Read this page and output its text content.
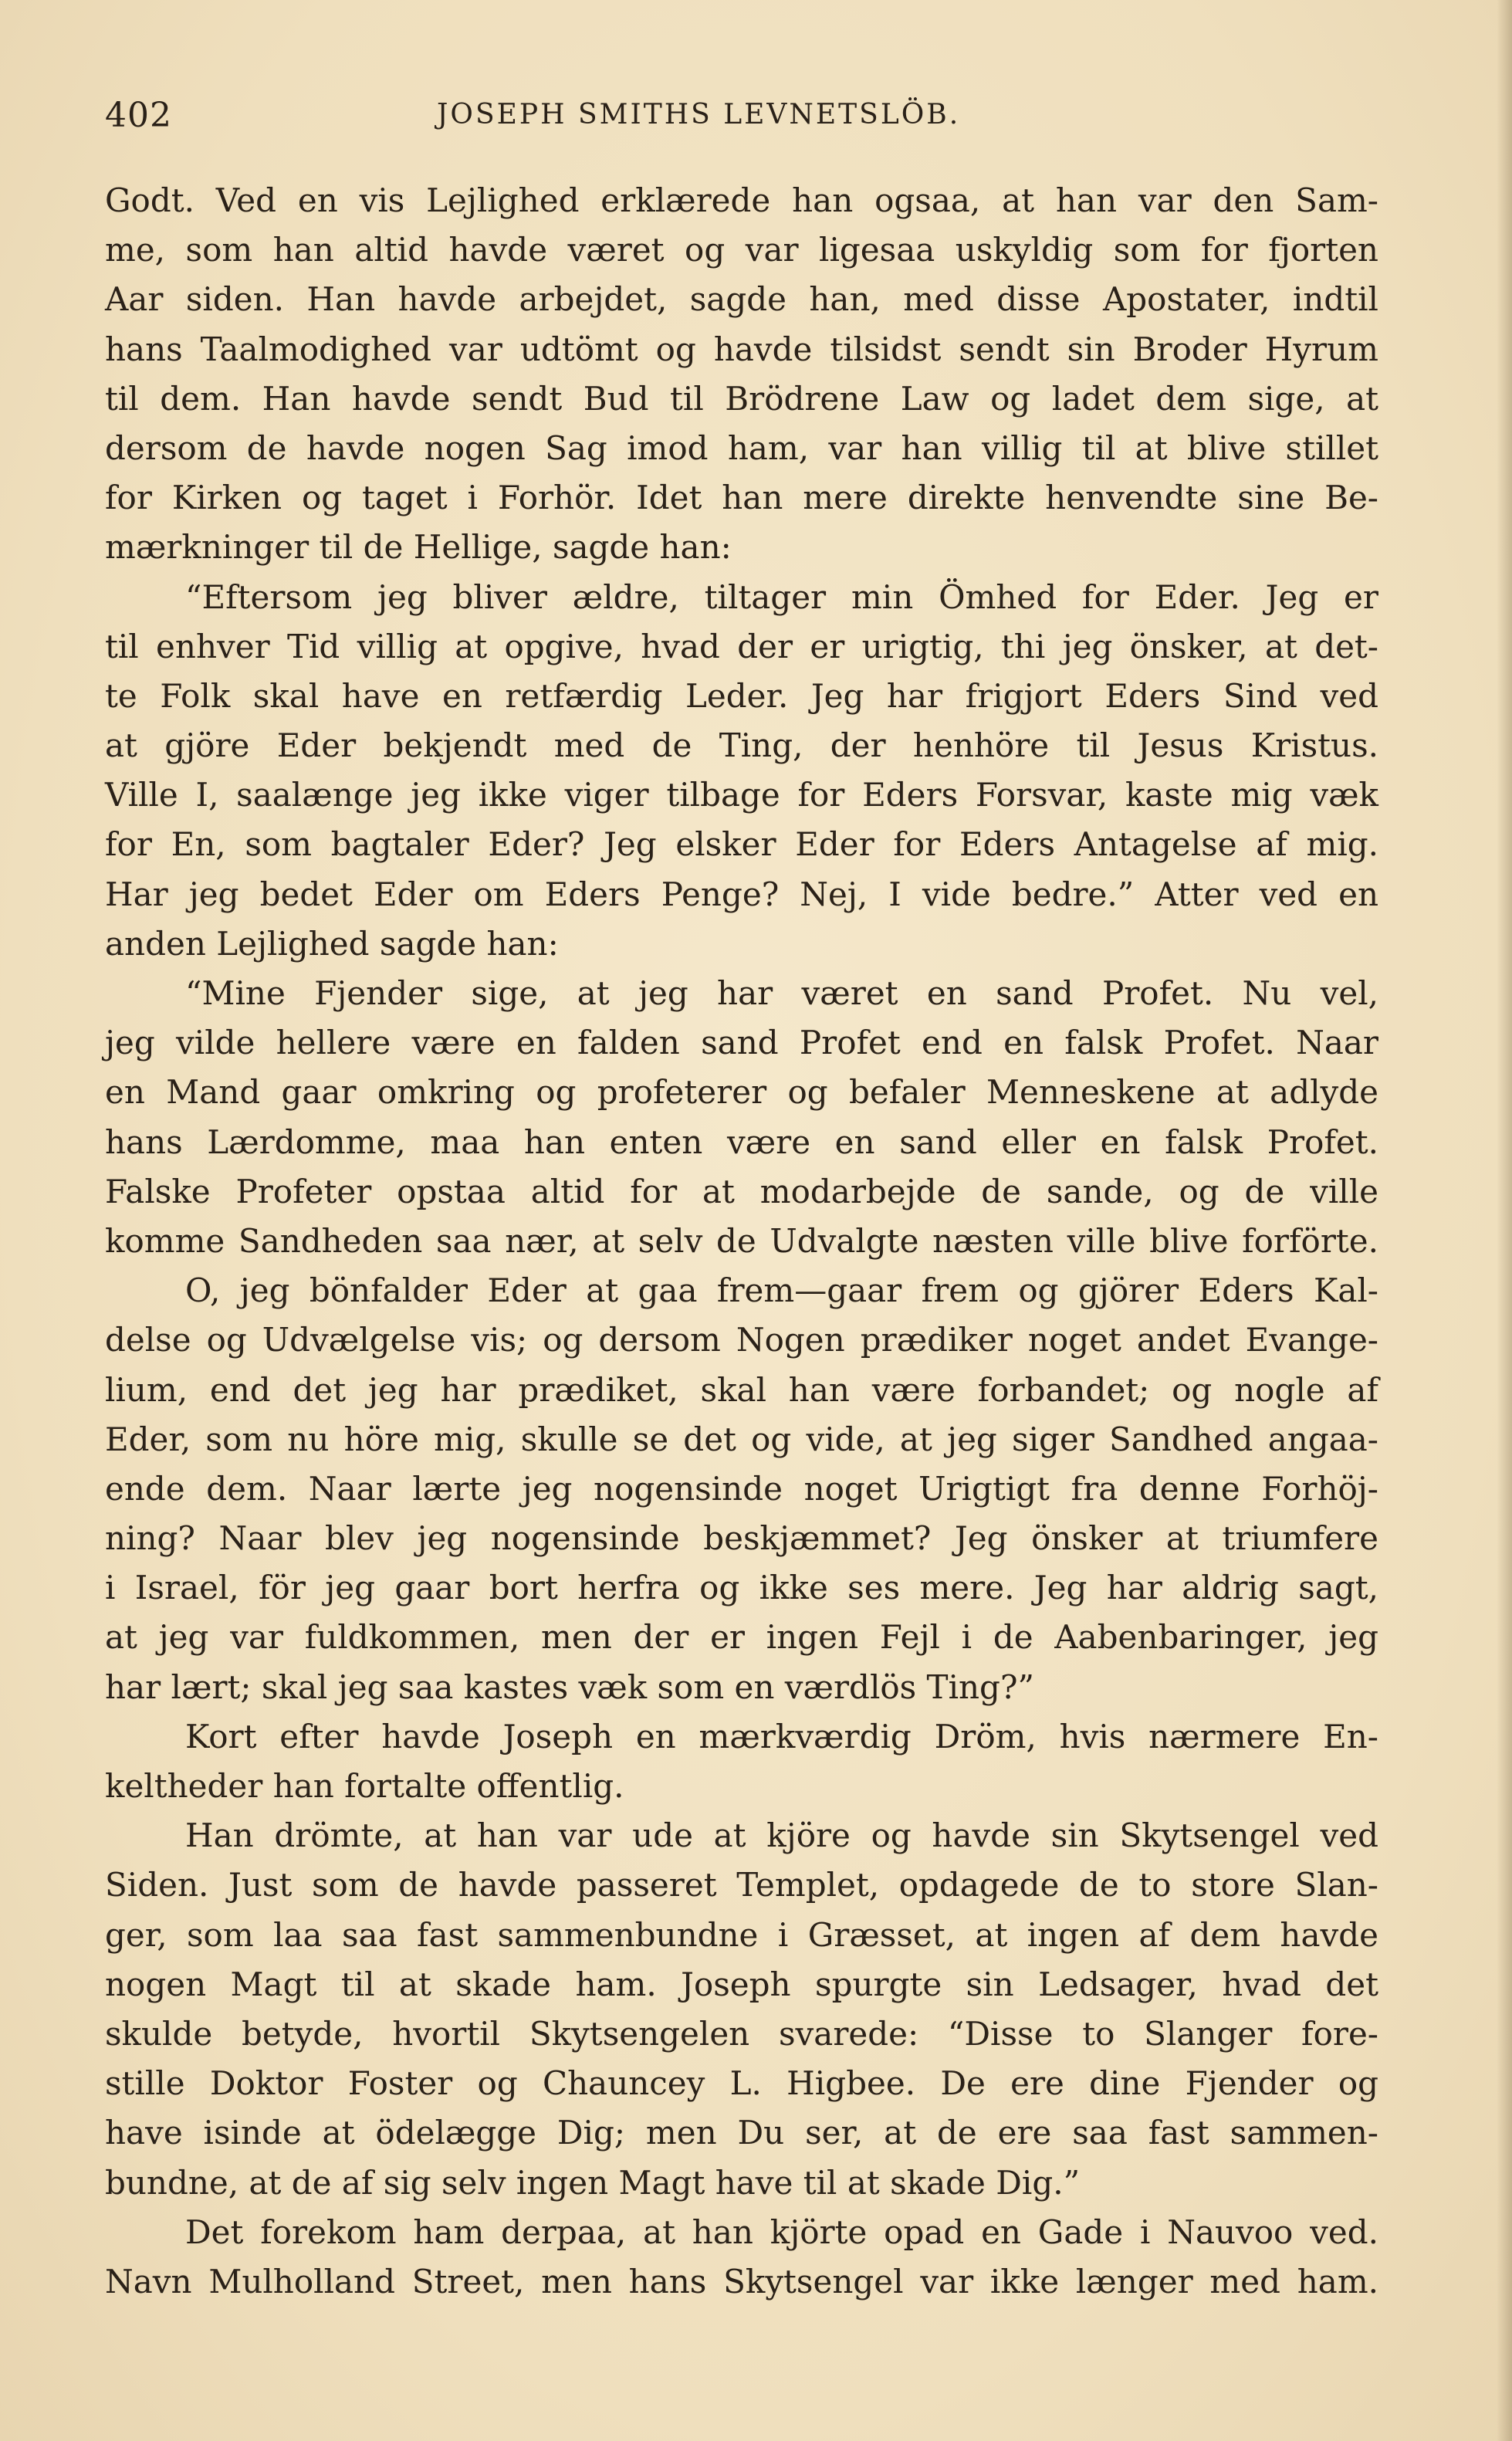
402	JOSEPH SMITHS LEVNETSLÖB.
Godt. Ved en vis Lejlighed erklærede han ogsaa, at han var den Sam-
me, som han altid havde været og var ligesaa uskyldig som for fjorten
Aar siden. Han havde arbejdet, sagde han, med disse Apostater, indtil
hans Taalmodighed var udtömt og havde tilsidst sendt sin Broder Hyrum
til dem. Han havde sendt Bud til Brödrene Law og ladet dem sige, at
dersom de havde nogen Sag imod ham, var han villig til at blive stillet
for Kirken og taget i Forhör. Idet han mere direkte henvendte sine Be-
mærkninger til de Hellige, sagde han:
“Eftersom jeg bliver ældre, tiltager min Ömhed for Eder. Jeg er
til enhver Tid villig at opgive, hvad der er urigtig, thi jeg önsker, at det-
te Folk skal have en retfærdig Leder. Jeg har frigjort Eders Sind ved
at gjöre Eder bekjendt med de Ting, der henhöre til Jesus Kristus.
Ville I, saalænge jeg ikke viger tilbage for Eders Forsvar, kaste mig væk
for En, som bagtaler Eder? Jeg elsker Eder for Eders Antagelse af mig.
Har jeg bedet Eder om Eders Penge? Nej, I vide bedre.” Atter ved en
anden Lejlighed sagde han:
“Mine Fjender sige, at jeg har været en sand Profet. Nu vel,
jeg vilde hellere være en falden sand Profet end en falsk Profet. Naar
en Mand gaar omkring og profeterer og befaler Menneskene at adlyde
hans Lærdomme, maa han enten være en sand eller en falsk Profet.
Falske Profeter opstaa altid for at modarbejde de sande, og de ville
komme Sandheden saa nær, at selv de Udvalgte næsten ville blive forförte.
O, jeg bönfalder Eder at gaa frem—gaar frem og gjörer Eders Kal-
delse og Udvælgelse vis; og dersom Nogen prædiker noget andet Evange-
lium, end det jeg har prædiket, skal han være forbandet; og nogle af
Eder, som nu höre mig, skulle se det og vide, at jeg siger Sandhed angaa-
ende dem. Naar lærte jeg nogensinde noget Urigtigt fra denne Forhöj-
ning? Naar blev jeg nogensinde beskjæmmet? Jeg önsker at triumfere
i Israel, för jeg gaar bort herfra og ikke ses mere. Jeg har aldrig sagt,
at jeg var fuldkommen, men der er ingen Fejl i de Aabenbaringer, jeg
har lært; skal jeg saa kastes væk som en værdlös Ting?”
Kort efter havde Joseph en mærkværdig Dröm, hvis nærmere En-
keltheder han fortalte offentlig.
Han drömte, at han var ude at kjöre og havde sin Skytsengel ved
Siden. Just som de havde passeret Templet, opdagede de to store Slan-
ger, som laa saa fast sammenbundne i Græsset, at ingen af dem havde
nogen Magt til at skade ham. Joseph spurgte sin Ledsager, hvad det
skulde betyde, hvortil Skytsengelen svarede: “Disse to Slanger fore-
stille Doktor Foster og Chauncey L. Higbee. De ere dine Fjender og
have isinde at ödelægge Dig; men Du ser, at de ere saa fast sammen-
bundne, at de af sig selv ingen Magt have til at skade Dig.”
Det forekom ham derpaa, at han kjörte opad en Gade i Nauvoo ved.
Navn Mulholland Street, men hans Skytsengel var ikke længer med ham.
